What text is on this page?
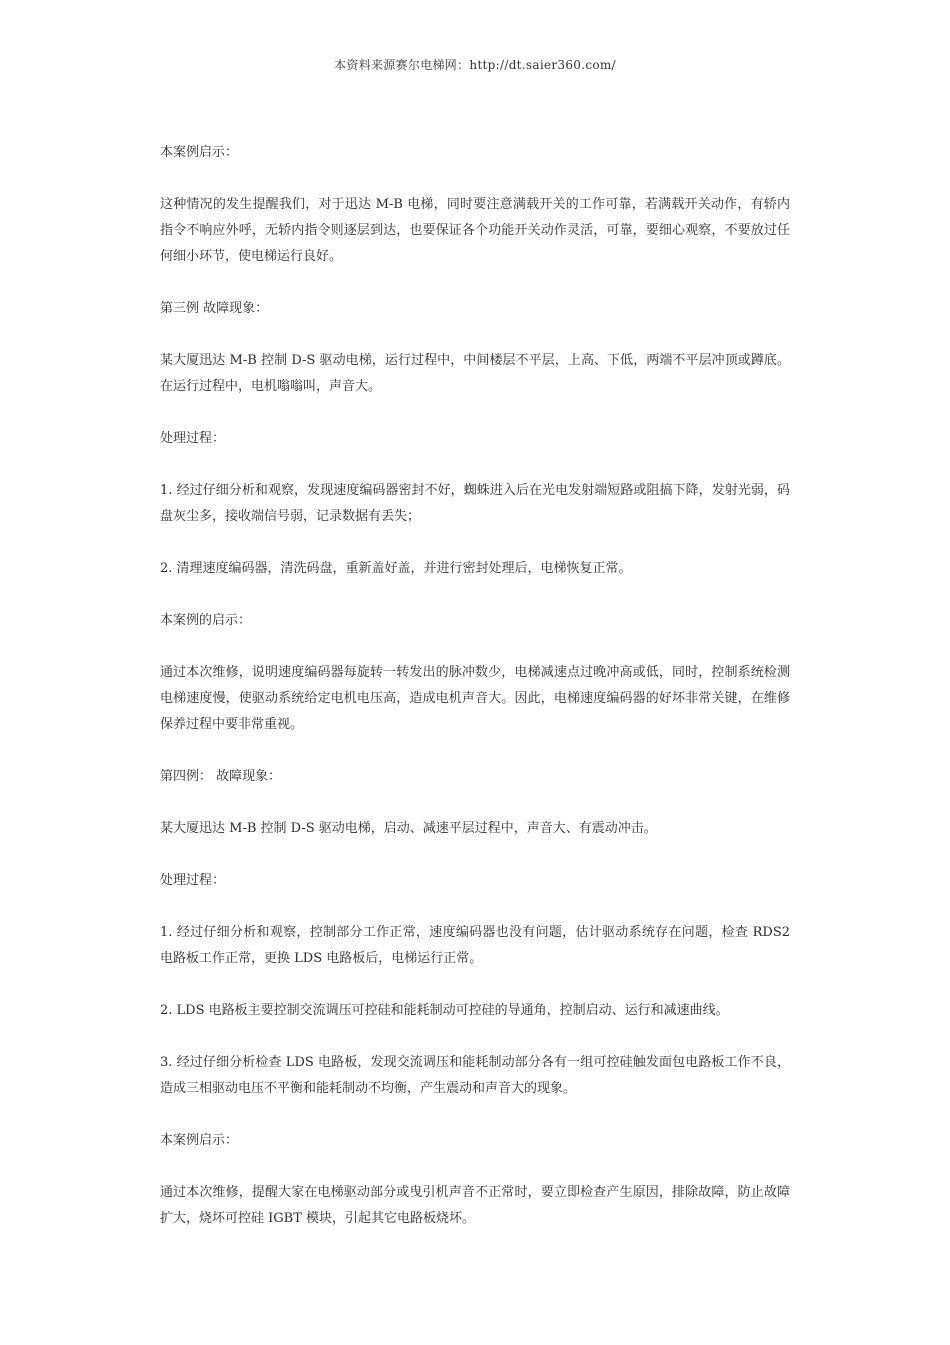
本资料来源赛尔电梯网：http://dt.saier360.com/

本案例启示：

这种情况的发生提醒我们，对于迅达 M-B 电梯，同时要注意满载开关的工作可靠，若满载开关动作，有轿内指令不响应外呼，无轿内指令则逐层到达，也要保证各个功能开关动作灵活，可靠，要细心观察，不要放过任何细小环节，使电梯运行良好。

第三例 故障现象：

某大厦迅达 M-B 控制 D-S 驱动电梯，运行过程中，中间楼层不平层，上高、下低，两端不平层冲顶或蹲底。在运行过程中，电机嗡嗡叫，声音大。

处理过程：

1. 经过仔细分析和观察，发现速度编码器密封不好，蜘蛛进入后在光电发射端短路或阻搞下降，发射光弱，码盘灰尘多，接收端信号弱，记录数据有丢失；

2. 清理速度编码器，清洗码盘，重新盖好盖，并进行密封处理后，电梯恢复正常。

本案例的启示：

通过本次维修，说明速度编码器每旋转一转发出的脉冲数少，电梯减速点过晚冲高或低，同时，控制系统检测电梯速度慢，使驱动系统给定电机电压高，造成电机声音大。因此，电梯速度编码器的好坏非常关键，在维修保养过程中要非常重视。

第四例： 故障现象：

某大厦迅达 M-B 控制 D-S 驱动电梯，启动、减速平层过程中，声音大、有震动冲击。

处理过程：

1. 经过仔细分析和观察，控制部分工作正常，速度编码器也没有问题，估计驱动系统存在问题，检查 RDS2 电路板工作正常，更换 LDS 电路板后，电梯运行正常。

2. LDS 电路板主要控制交流调压可控硅和能耗制动可控硅的导通角，控制启动、运行和减速曲线。

3. 经过仔细分析检查 LDS 电路板，发现交流调压和能耗制动部分各有一组可控硅触发面包电路板工作不良，造成三相驱动电压不平衡和能耗制动不均衡，产生震动和声音大的现象。

本案例启示：

通过本次维修，提醒大家在电梯驱动部分或曳引机声音不正常时，要立即检查产生原因，排除故障，防止故障扩大，烧坏可控硅 IGBT 模块，引起其它电路板烧坏。
